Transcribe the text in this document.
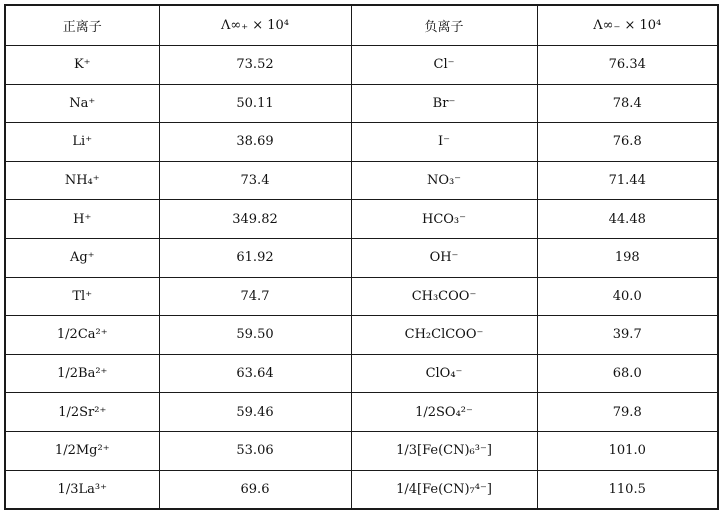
正离子	Λ∞₊ × 10⁴	负离子	Λ∞₋ × 10⁴
K⁺	73.52	Cl⁻	76.34
Na⁺	50.11	Br⁻	78.4
Li⁺	38.69	I⁻	76.8
NH₄⁺	73.4	NO₃⁻	71.44
H⁺	349.82	HCO₃⁻	44.48
Ag⁺	61.92	OH⁻	198
Tl⁺	74.7	CH₃COO⁻	40.0
1/2Ca²⁺	59.50	CH₂ClCOO⁻	39.7
1/2Ba²⁺	63.64	ClO₄⁻	68.0
1/2Sr²⁺	59.46	1/2SO₄²⁻	79.8
1/2Mg²⁺	53.06	1/3[Fe(CN)₆³⁻]	101.0
1/3La³⁺	69.6	1/4[Fe(CN)₇⁴⁻]	110.5
